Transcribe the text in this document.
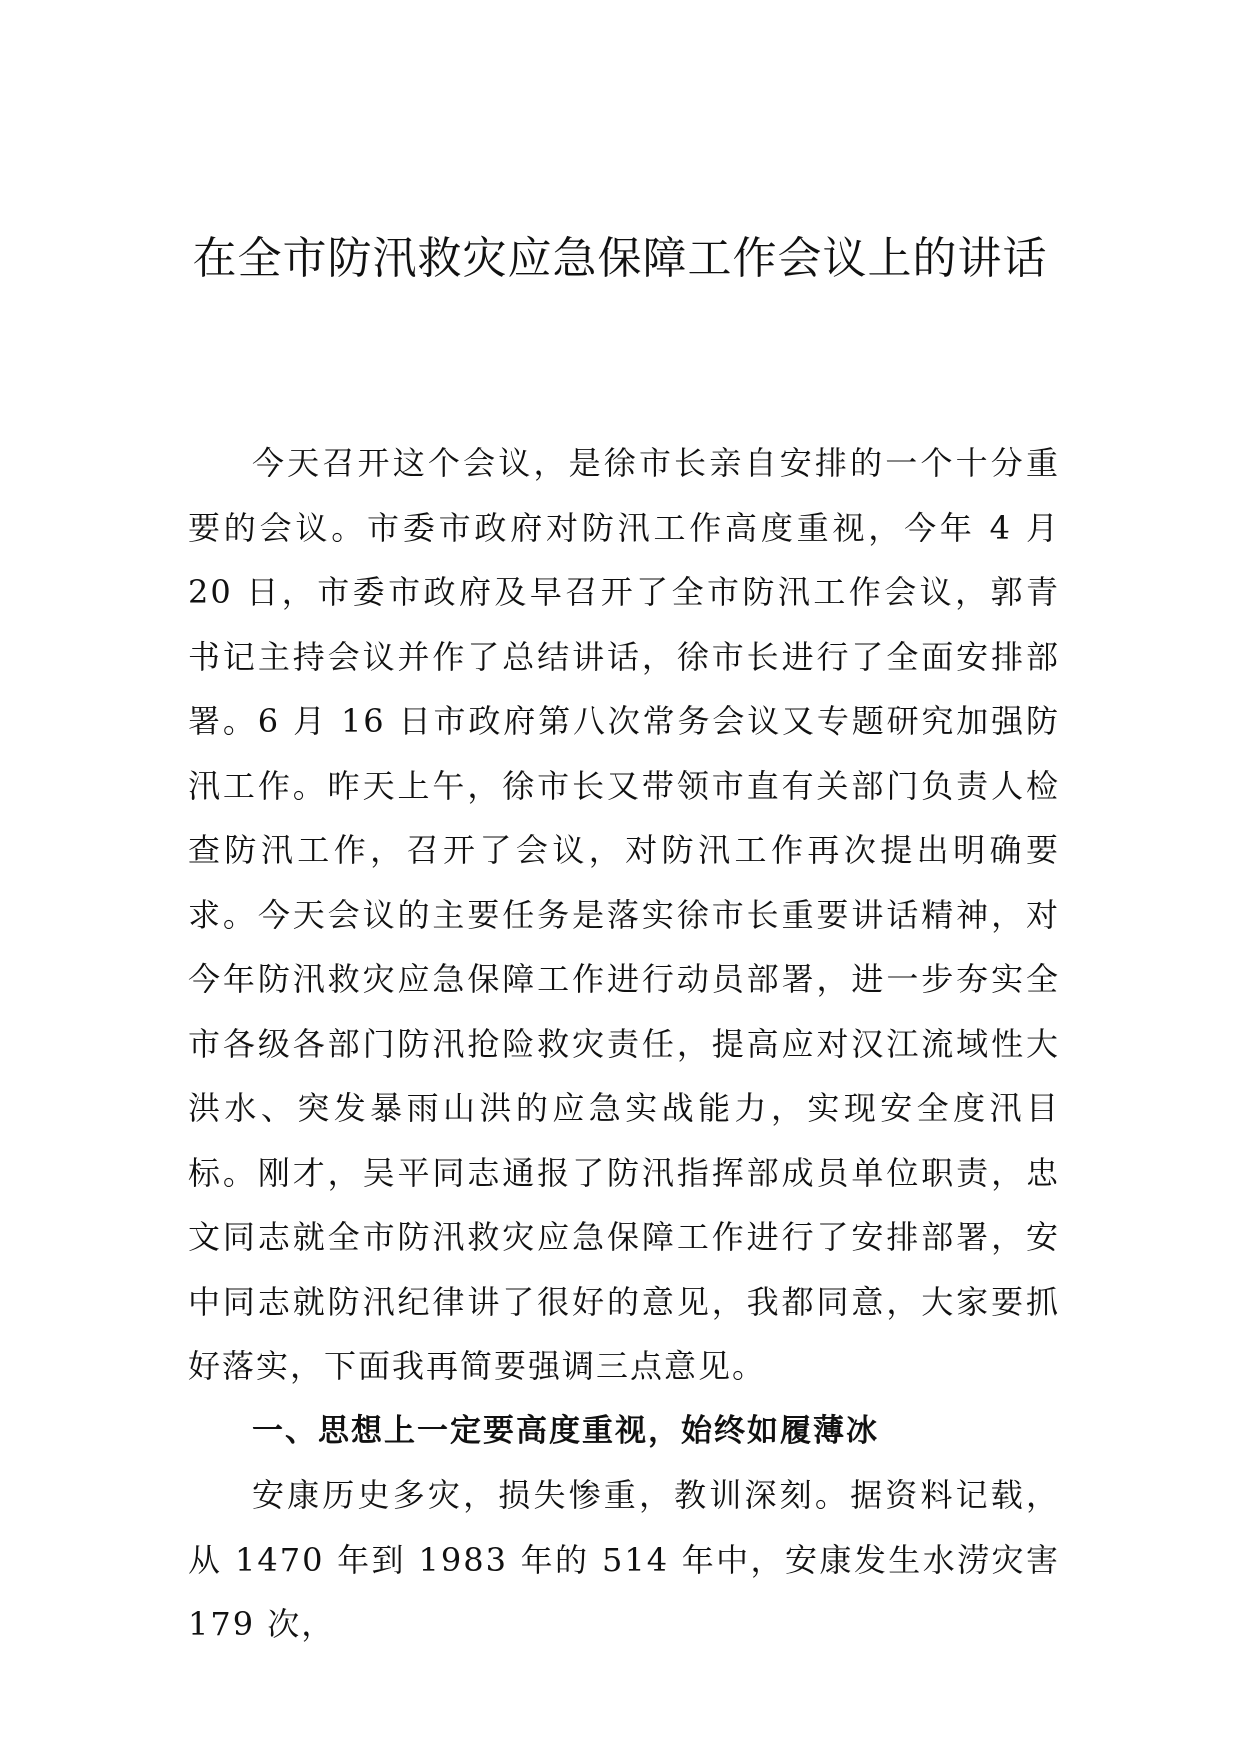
在全市防汛救灾应急保障工作会议上的讲话

今天召开这个会议，是徐市长亲自安排的一个十分重要的会议。市委市政府对防汛工作高度重视，今年 4 月 20 日，市委市政府及早召开了全市防汛工作会议，郭青书记主持会议并作了总结讲话，徐市长进行了全面安排部署。6 月 16 日市政府第八次常务会议又专题研究加强防汛工作。昨天上午，徐市长又带领市直有关部门负责人检查防汛工作，召开了会议，对防汛工作再次提出明确要求。今天会议的主要任务是落实徐市长重要讲话精神，对今年防汛救灾应急保障工作进行动员部署，进一步夯实全市各级各部门防汛抢险救灾责任，提高应对汉江流域性大洪水、突发暴雨山洪的应急实战能力，实现安全度汛目标。刚才，吴平同志通报了防汛指挥部成员单位职责，忠文同志就全市防汛救灾应急保障工作进行了安排部署，安中同志就防汛纪律讲了很好的意见，我都同意，大家要抓好落实，下面我再简要强调三点意见。

一、思想上一定要高度重视，始终如履薄冰

安康历史多灾，损失惨重，教训深刻。据资料记载，从 1470 年到 1983 年的 514 年中，安康发生水涝灾害 179 次，
